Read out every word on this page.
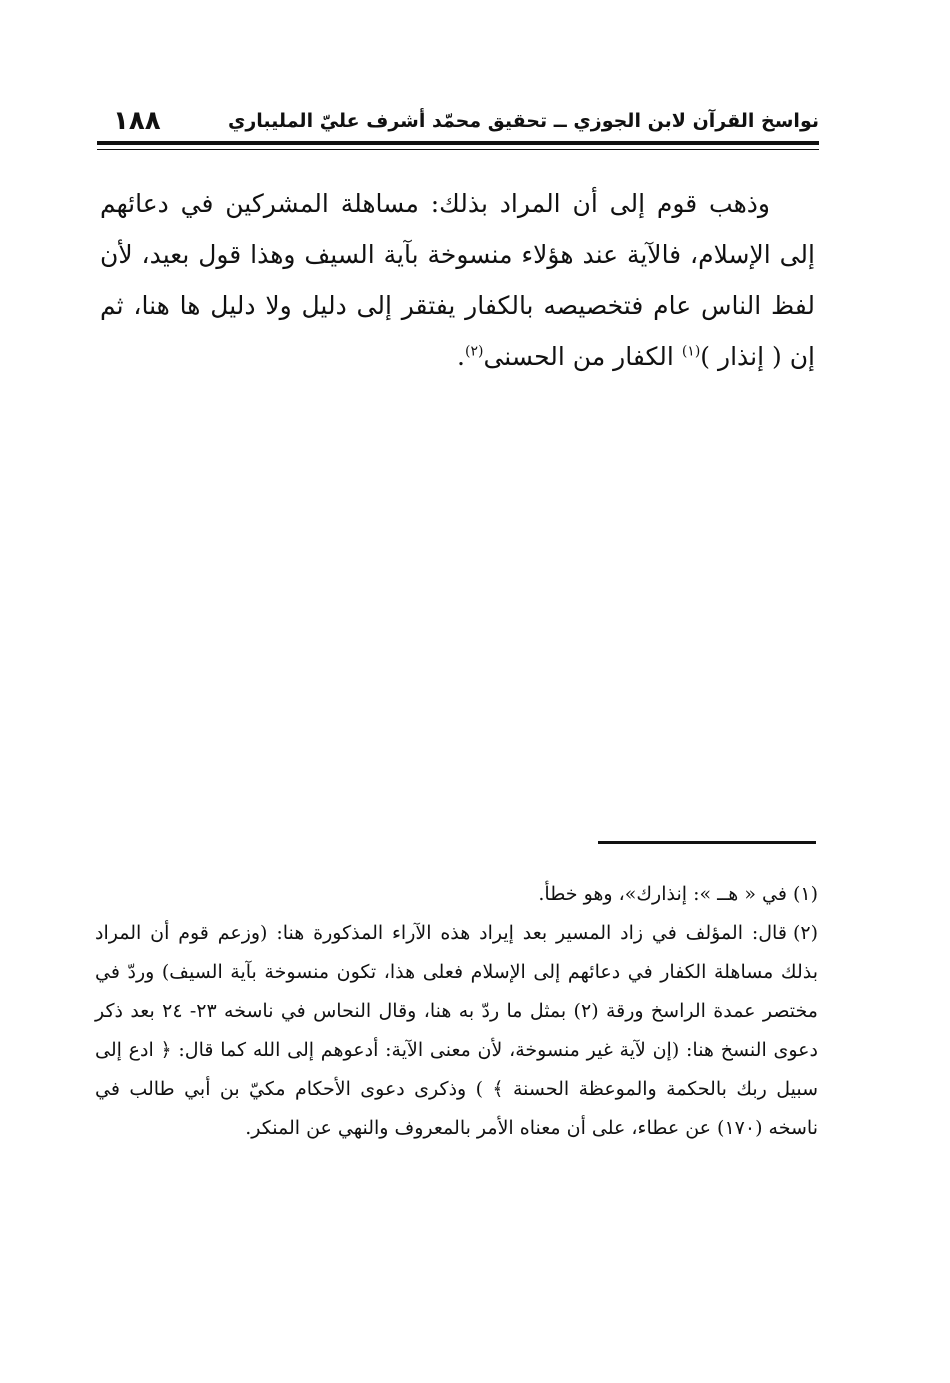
نواسخ القرآن لابن الجوزي ــ تحقيق محمّد أشرف عليّ المليباري
١٨٨

وذهب قوم إلى أن المراد بذلك: مساهلة المشركين في دعائهم إلى الإسلام، فالآية عند هؤلاء منسوخة بآية السيف وهذا قول بعيد، لأن لفظ الناس عام فتخصيصه بالكفار يفتقر إلى دليل ولا دليل ها هنا، ثم إن ( إنذار )$^{(١)}$ الكفار من الحسنى$^{(٢)}$.

(١)في « هــ »: إنذارك»، وهو خطأ.

(٢)قال: المؤلف في زاد المسير بعد إيراد هذه الآراء المذكورة هنا: (وزعم قوم أن المراد بذلك مساهلة الكفار في دعائهم إلى الإسلام فعلى هذا، تكون منسوخة بآية السيف) وردّ في مختصر عمدة الراسخ ورقة (٢) بمثل ما ردّ به هنا، وقال النحاس في ناسخه ٢٣- ٢٤ بعد ذكر دعوى النسخ هنا: (إن لآية غير منسوخة، لأن معنى الآية: أدعوهم إلى الله كما قال: ﴿ ادع إلى سبيل ربك بالحكمة والموعظة الحسنة ﴾ ) وذكرى دعوى الأحكام مكيّ بن أبي طالب في ناسخه (١٧٠) عن عطاء، على أن معناه الأمر بالمعروف والنهي عن المنكر.
